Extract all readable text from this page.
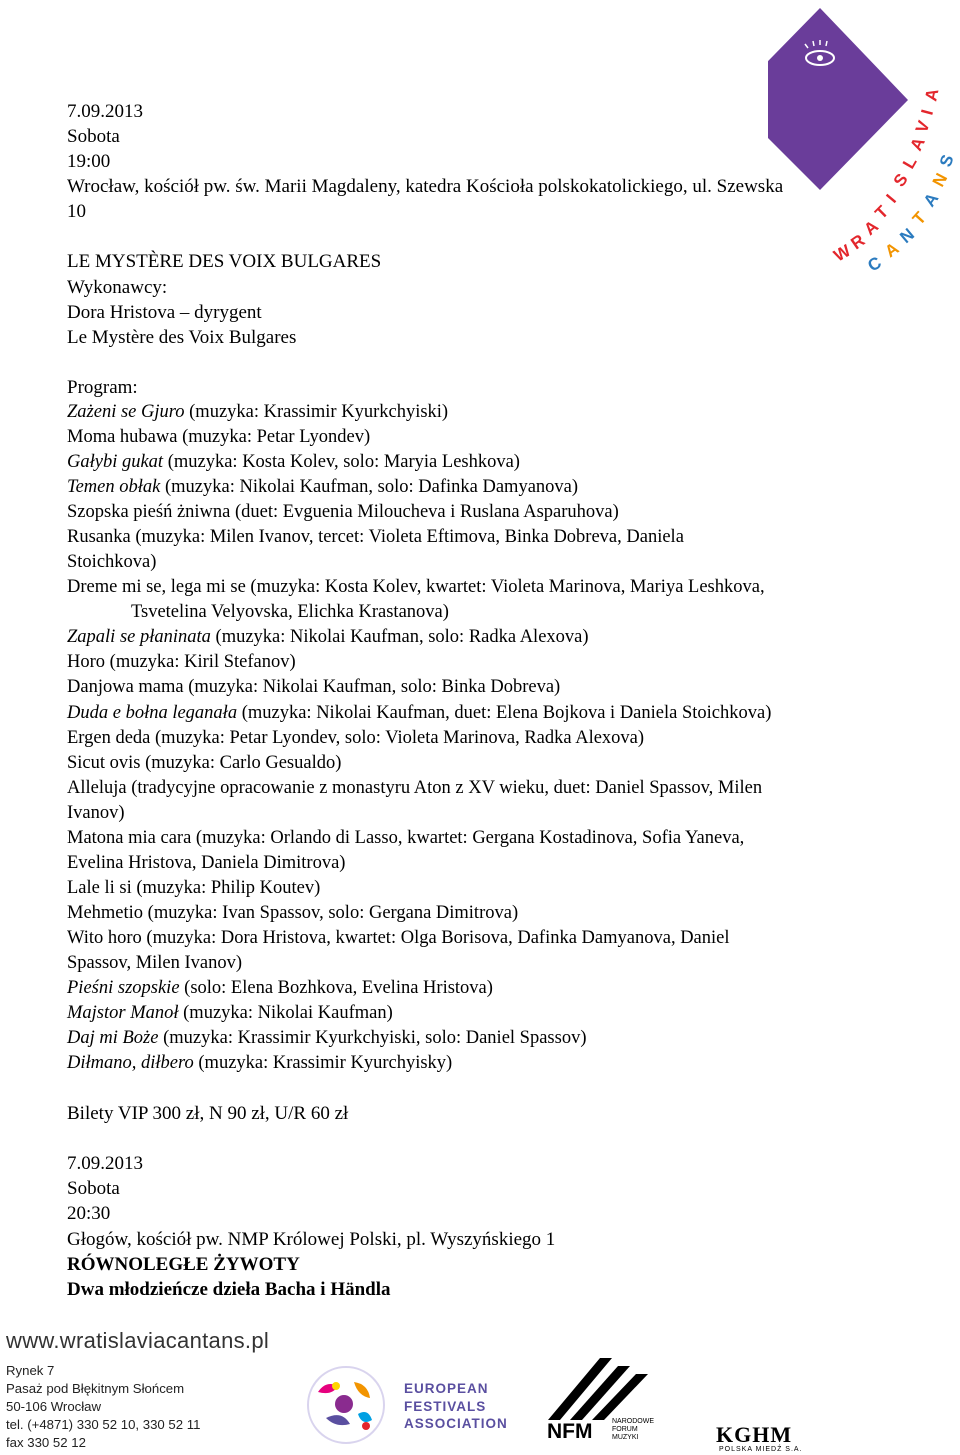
W
R
A
T
I
S
L
A
V
I
A
C
A
N
T
A
N
S
7.09.2013
Sobota
19:00
Wrocław, kościół pw. św. Marii Magdaleny, katedra Kościoła polskokatolickiego, ul. Szewska
10
LE MYSTÈRE DES VOIX BULGARES
Wykonawcy:
Dora Hristova – dyrygent
Le Mystère des Voix Bulgares
Program:
Zażeni se Gjuro (muzyka: Krassimir Kyurkchyiski)
Moma hubawa (muzyka: Petar Lyondev)
Gałybi gukat (muzyka: Kosta Kolev, solo: Maryia Leshkova)
Temen obłak (muzyka: Nikolai Kaufman, solo: Dafinka Damyanova)
Szopska pieśń żniwna (duet: Evguenia Miloucheva i Ruslana Asparuhova)
Rusanka (muzyka: Milen Ivanov, tercet: Violeta Eftimova, Binka Dobreva, Daniela
Stoichkova)
Dreme mi se, lega mi se (muzyka: Kosta Kolev, kwartet: Violeta Marinova, Mariya Leshkova,
Tsvetelina Velyovska, Elichka Krastanova)
Zapali se płaninata (muzyka: Nikolai Kaufman, solo: Radka Alexova)
Horo (muzyka: Kiril Stefanov)
Danjowa mama (muzyka: Nikolai Kaufman, solo: Binka Dobreva)
Duda e bołna leganała (muzyka: Nikolai Kaufman, duet: Elena Bojkova i Daniela Stoichkova)
Ergen deda (muzyka: Petar Lyondev, solo: Violeta Marinova, Radka Alexova)
Sicut ovis (muzyka: Carlo Gesualdo)
Alleluja (tradycyjne opracowanie z monastyru Aton z XV wieku, duet: Daniel Spassov, Milen
Ivanov)
Matona mia cara (muzyka: Orlando di Lasso, kwartet: Gergana Kostadinova, Sofia Yaneva,
Evelina Hristova, Daniela Dimitrova)
Lale li si (muzyka: Philip Koutev)
Mehmetio (muzyka: Ivan Spassov, solo: Gergana Dimitrova)
Wito horo (muzyka: Dora Hristova, kwartet: Olga Borisova, Dafinka Damyanova, Daniel
Spassov, Milen Ivanov)
Pieśni szopskie (solo: Elena Bozhkova, Evelina Hristova)
Majstor Manoł (muzyka: Nikolai Kaufman)
Daj mi Boże (muzyka: Krassimir Kyurkchyiski, solo: Daniel Spassov)
Diłmano, diłbero (muzyka: Krassimir Kyurchyisky)
Bilety VIP 300 zł, N 90 zł, U/R 60 zł
7.09.2013
Sobota
20:30
Głogów, kościół pw. NMP Królowej Polski, pl. Wyszyńskiego 1
RÓWNOLEGŁE ŻYWOTY
Dwa młodzieńcze dzieła Bacha i Händla
www.wratislaviacantans.pl
Rynek 7
Pasaż pod Błękitnym Słońcem
50-106 Wrocław
tel. (+4871) 330 52 10, 330 52 11
fax 330 52 12
EUROPEAN
FESTIVALS
ASSOCIATION NFM	NARODOWE
FORUM
MUZYKI	KGHM
POLSKA MIEDŹ S.A.
